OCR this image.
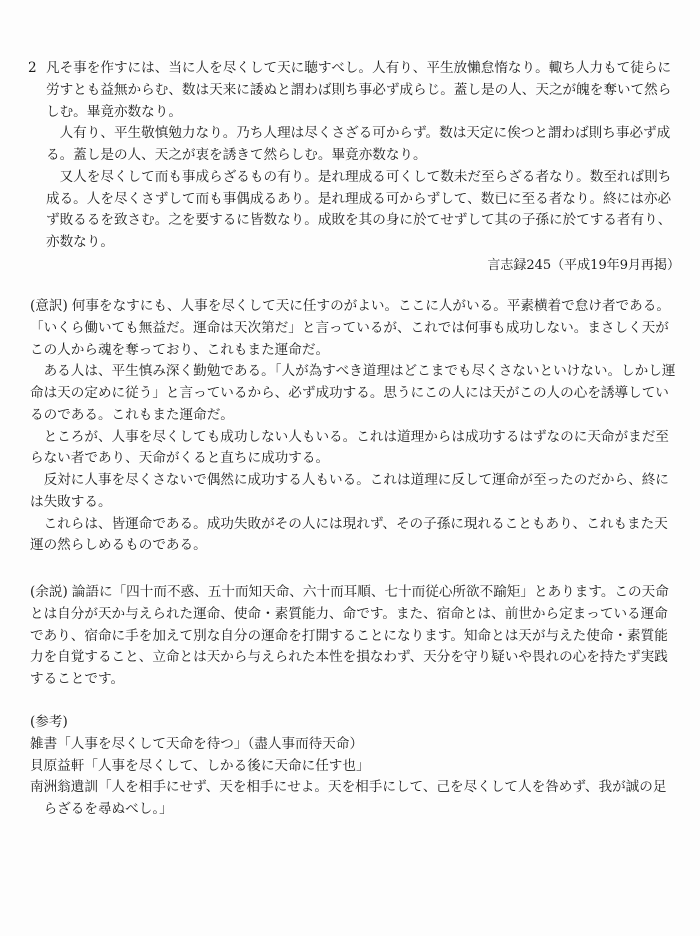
2 凡そ事を作すには、当に人を尽くして天に聴すべし。人有り、平生放懶怠惰なり。輙ち人力もて徒らに労すとも益無からむ、数は天来に諉ぬと謂わば則ち事必ず成らじ。蓋し是の人、天之が魄を奪いて然らしむ。畢竟亦数なり。

人有り、平生敬慎勉力なり。乃ち人理は尽くさざる可からず。数は天定に俟つと謂わば則ち事必ず成る。蓋し是の人、天之が衷を誘きて然らしむ。畢竟亦数なり。

又人を尽くして而も事成らざるもの有り。是れ理成る可くして数未だ至らざる者なり。数至れば則ち成る。人を尽くさずして而も事偶成るあり。是れ理成る可からずして、数已に至る者なり。終には亦必ず敗るるを致さむ。之を要するに皆数なり。成敗を其の身に於てせずして其の子孫に於てする者有り、亦数なり。

言志録245（平成19年9月再掲）

(意訳) 何事をなすにも、人事を尽くして天に任すのがよい。ここに人がいる。平素横着で怠け者である。「いくら働いても無益だ。運命は天次第だ」と言っているが、これでは何事も成功しない。まさしく天がこの人から魂を奪っており、これもまた運命だ。

ある人は、平生慎み深く勤勉である。「人が為すべき道理はどこまでも尽くさないといけない。しかし運命は天の定めに従う」と言っているから、必ず成功する。思うにこの人には天がこの人の心を誘導しているのである。これもまた運命だ。

ところが、人事を尽くしても成功しない人もいる。これは道理からは成功するはずなのに天命がまだ至らない者であり、天命がくると直ちに成功する。

反対に人事を尽くさないで偶然に成功する人もいる。これは道理に反して運命が至ったのだから、終には失敗する。

これらは、皆運命である。成功失敗がその人には現れず、その子孫に現れることもあり、これもまた天運の然らしめるものである。

(余説) 論語に「四十而不惑、五十而知天命、六十而耳順、七十而従心所欲不踰矩」とあります。この天命とは自分が天か与えられた運命、使命・素質能力、命です。また、宿命とは、前世から定まっている運命であり、宿命に手を加えて別な自分の運命を打開することになります。知命とは天が与えた使命・素質能力を自覚すること、立命とは天から与えられた本性を損なわず、天分を守り疑いや畏れの心を持たず実践することです。

(参考)

雑書「人事を尽くして天命を待つ」（盡人事而待天命）

貝原益軒「人事を尽くして、しかる後に天命に任す也」

南洲翁遺訓「人を相手にせず、天を相手にせよ。天を相手にして、己を尽くして人を咎めず、我が誠の足らざるを尋ぬべし。」
